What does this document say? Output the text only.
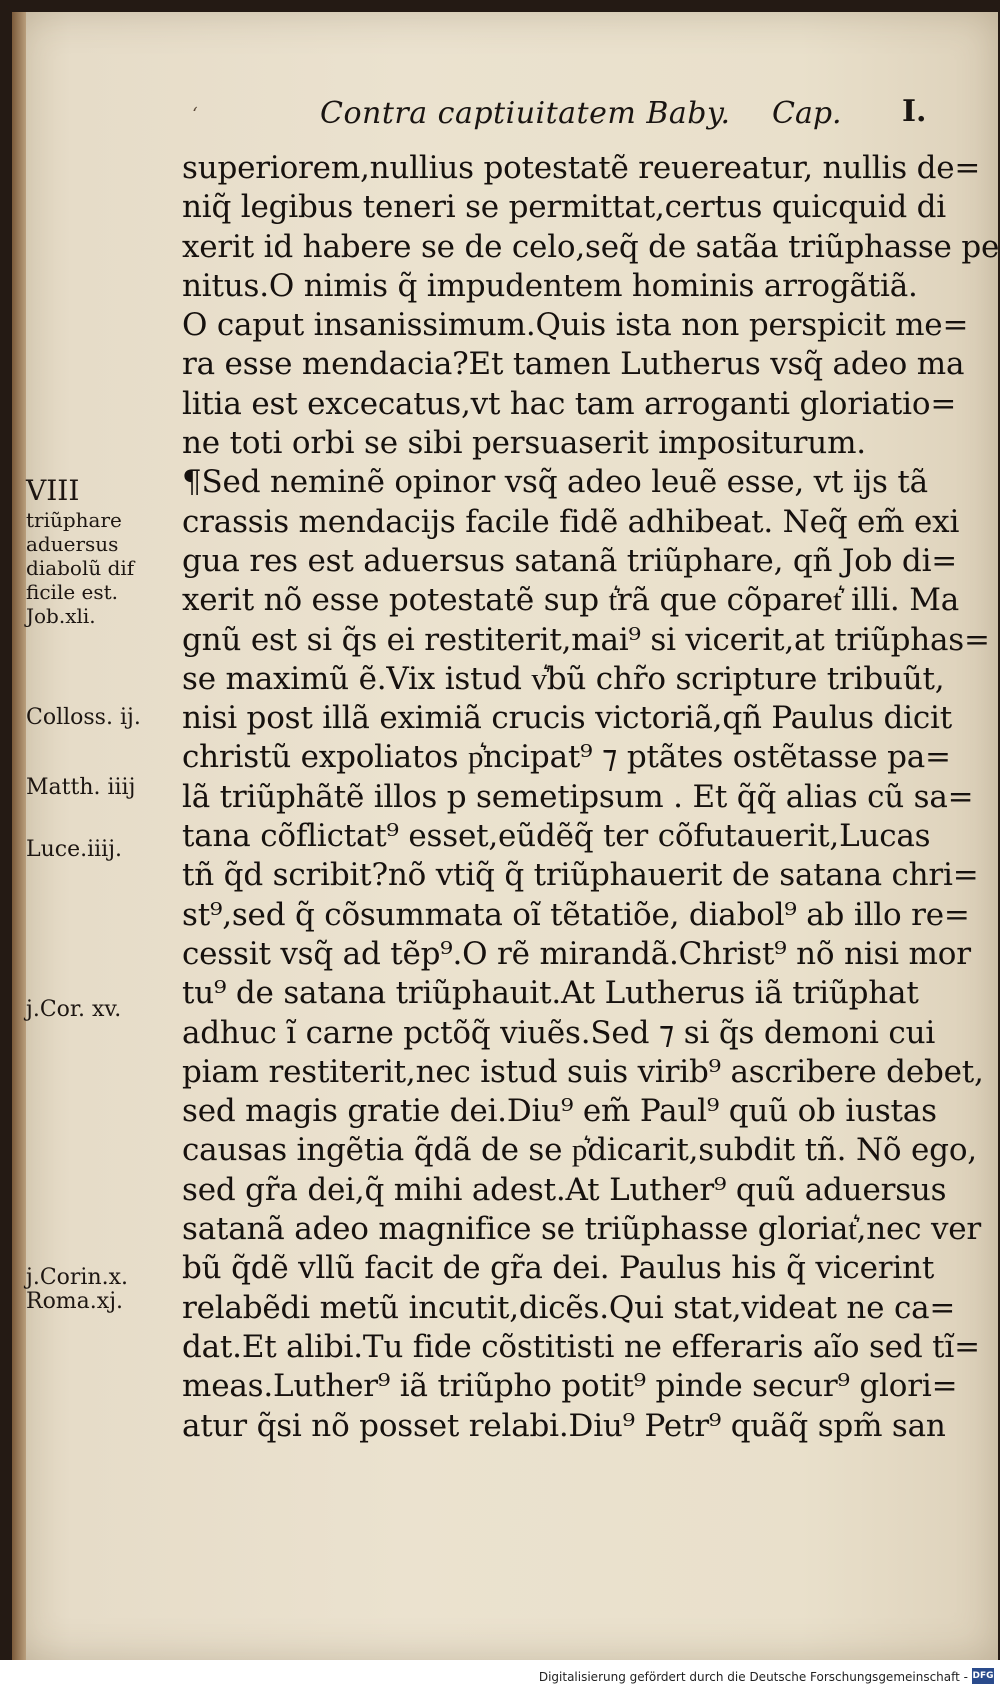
ʻ	Contra captiuitatem Baby. Cap. I.
VIII
triũphare
aduersus
diabolũ dif
ficile est.
Job.xli.
Colloss. ij.
Matth. iiij
Luce.iiij.
j.Cor. xv.
j.Corin.x.
Roma.xj.
superiorem,nullius potestatẽ reuereatur, nullis de=
niq̃ legibus teneri se permittat,certus quicquid di
xerit id habere se de celo,seq̃ de satãa triũphasse pe
nitus.O nimis q̃ impudentem hominis arrogãtiã.
O caput insanissimum.Quis ista non perspicit me=
ra esse mendacia?Et tamen Lutherus vsq̃ adeo ma
litia est excecatus,vt hac tam arroganti gloriatio=
ne toti orbi se sibi persuaserit impositurum.
¶Sed neminẽ opinor vsq̃ adeo leuẽ esse, vt ijs tã
crassis mendacijs facile fidẽ adhibeat. Neq̃ em̃ exi
gua res est aduersus satanã triũphare, qñ Job di=
xerit nõ esse potestatẽ sup t͛rã que cõparet͛ illi. Ma
gnũ est si q̃s ei restiterit,mai⁹ si vicerit,at triũphas=
se maximũ ẽ.Vix istud v͛bũ chr̃o scripture tribuũt,
nisi post illã eximiã crucis victoriã,qñ Paulus dicit
christũ expoliatos p͛ncipat⁹ ⁊ ptãtes ostẽtasse pa=
lã triũphãtẽ illos p semetipsum . Et q̃q̃ alias cũ sa=
tana cõflictat⁹ esset,eũdẽq̃ ter cõfutauerit,Lucas
tñ q̃d scribit?nõ vtiq̃ q̃ triũphauerit de satana chri=
st⁹,sed q̃ cõsummata oĩ tẽtatiõe, diabol⁹ ab illo re=
cessit vsq̃ ad tẽp⁹.O rẽ mirandã.Christ⁹ nõ nisi mor
tu⁹ de satana triũphauit.At Lutherus iã triũphat
adhuc ĩ carne pctõq̃ viuẽs.Sed ⁊ si q̃s demoni cui
piam restiterit,nec istud suis virib⁹ ascribere debet,
sed magis gratie dei.Diu⁹ em̃ Paul⁹ quũ ob iustas
causas ingẽtia q̃dã de se p͛dicarit,subdit tñ. Nõ ego,
sed gr̃a dei,q̃ mihi adest.At Luther⁹ quũ aduersus
satanã adeo magnifice se triũphasse gloriat͛,nec ver
bũ q̃dẽ vllũ facit de gr̃a dei. Paulus his q̃ vicerint
relabẽdi metũ incutit,dicẽs.Qui stat,videat ne ca=
dat.Et alibi.Tu fide cõstitisti ne efferaris aĩo sed tĩ=
meas.Luther⁹ iã triũpho potit⁹ pinde secur⁹ glori=
atur q̃si nõ posset relabi.Diu⁹ Petr⁹ quãq̃ spm̃ san
Digitalisierung gefördert durch die Deutsche Forschungsgemeinschaft - DFG
